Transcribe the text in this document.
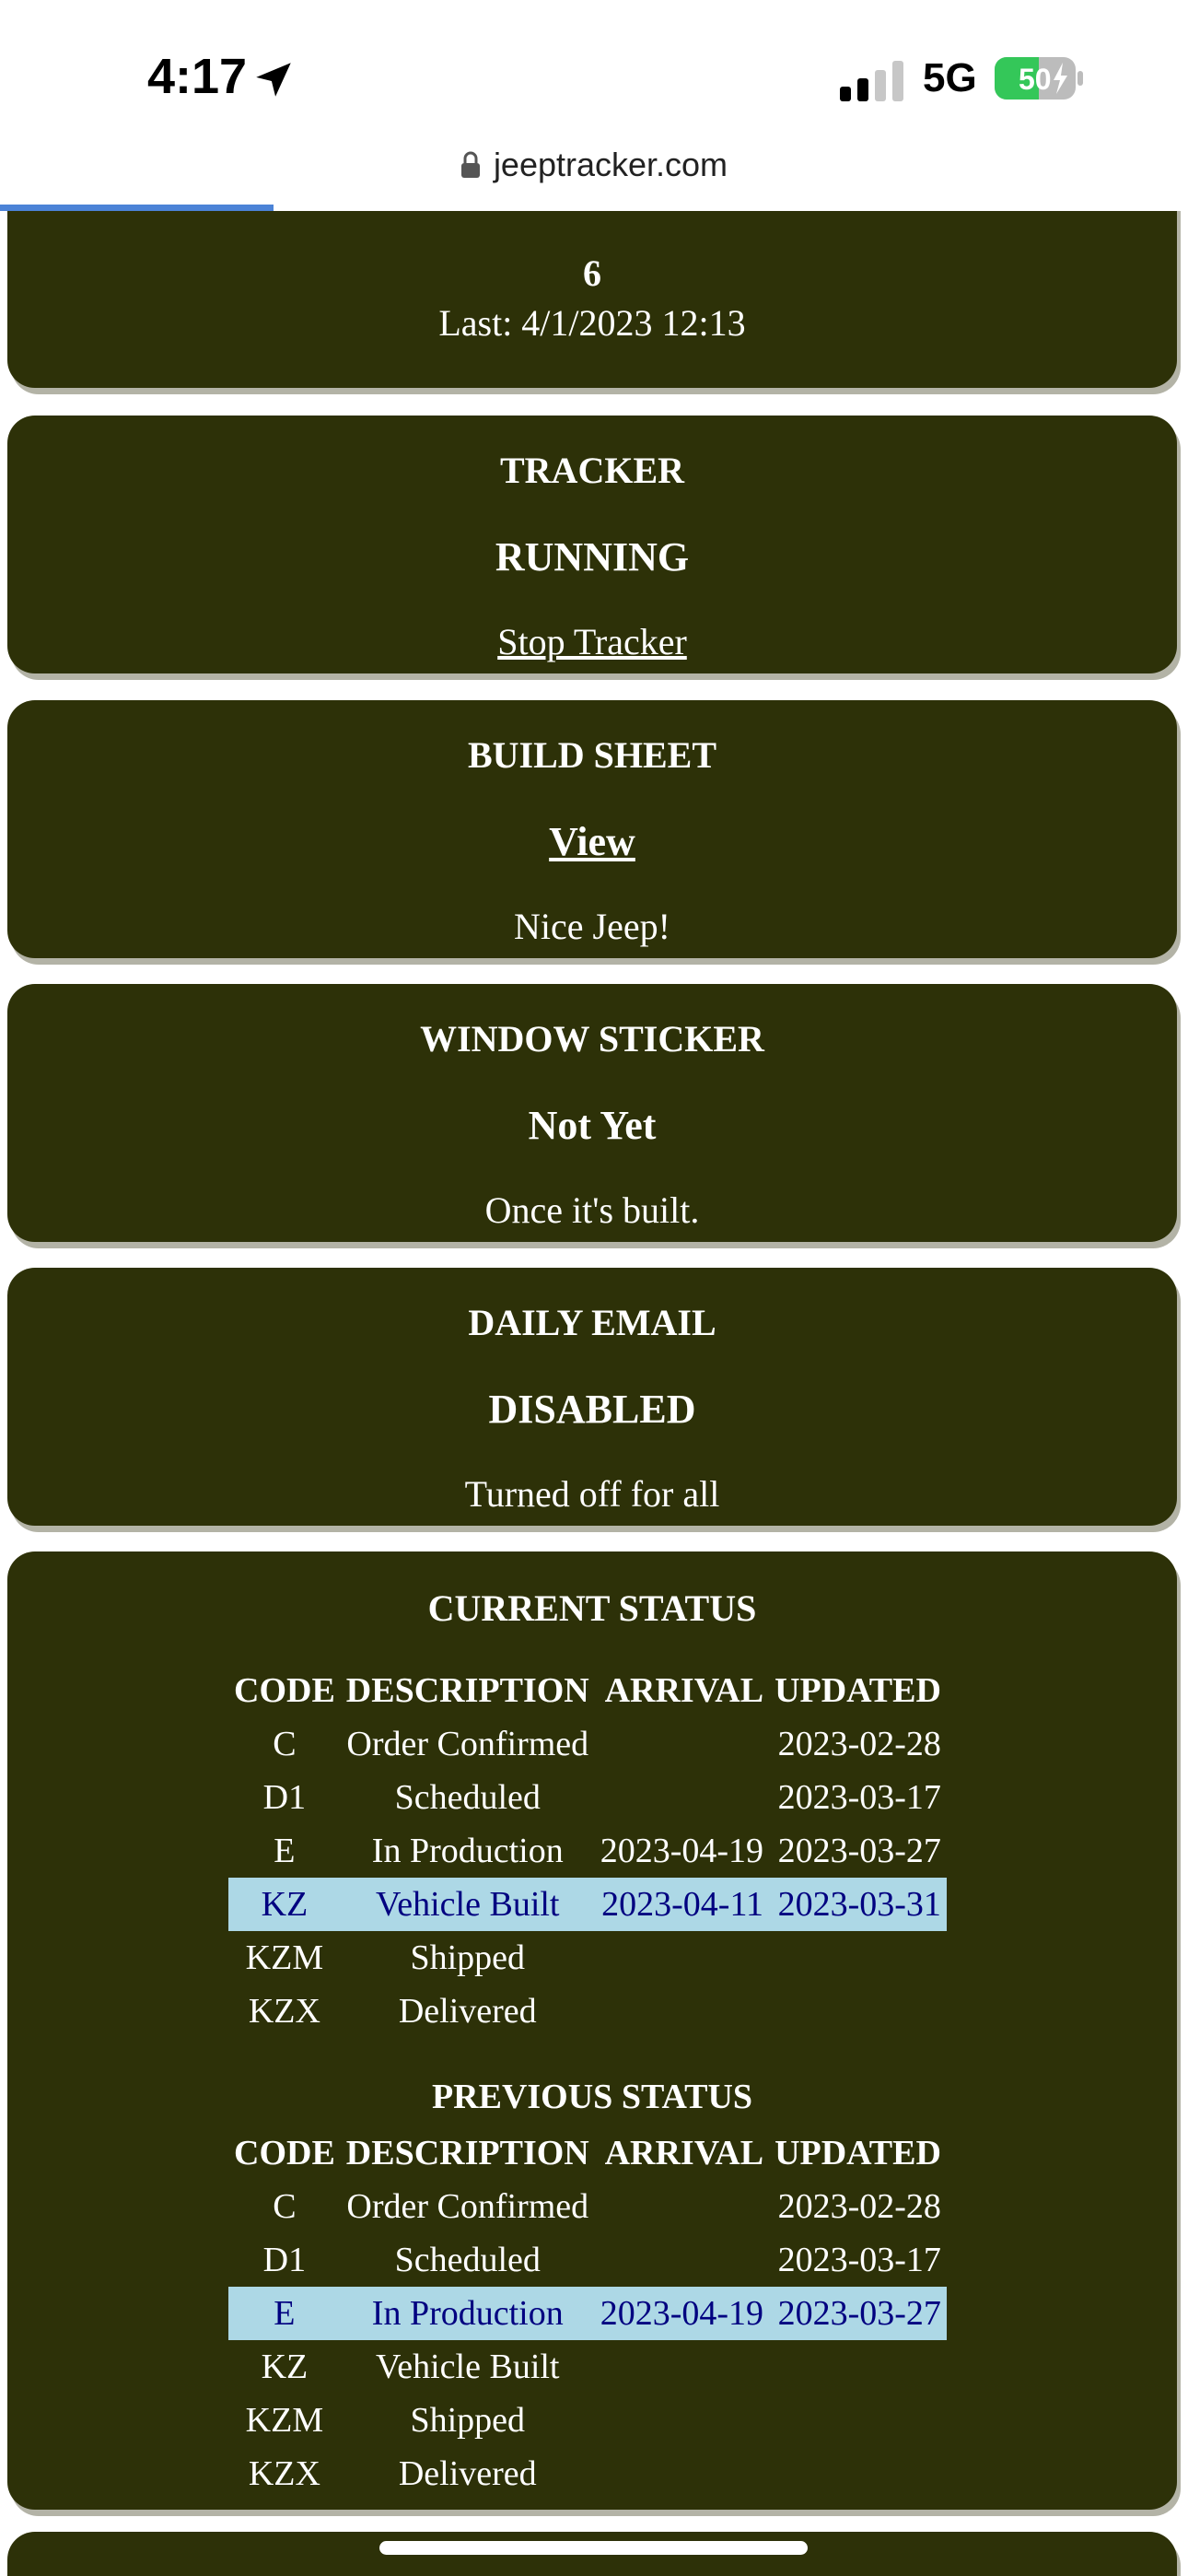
4:17	5G 50
jeeptracker.com
6
Last: 4/1/2023 12:13
TRACKER
RUNNING
Stop Tracker
BUILD SHEET
View
Nice Jeep!
WINDOW STICKER
Not Yet
Once it's built.
DAILY EMAIL
DISABLED
Turned off for all
CURRENT STATUS
CODE	DESCRIPTION	ARRIVAL	UPDATED
C	Order Confirmed		2023-02-28
D1	Scheduled		2023-03-17
E	In Production	2023-04-19	2023-03-27
KZ	Vehicle Built	2023-04-11	2023-03-31
KZM	Shipped		
KZX	Delivered		
PREVIOUS STATUS
CODE	DESCRIPTION	ARRIVAL	UPDATED
C	Order Confirmed		2023-02-28
D1	Scheduled		2023-03-17
E	In Production	2023-04-19	2023-03-27
KZ	Vehicle Built		
KZM	Shipped		
KZX	Delivered		
